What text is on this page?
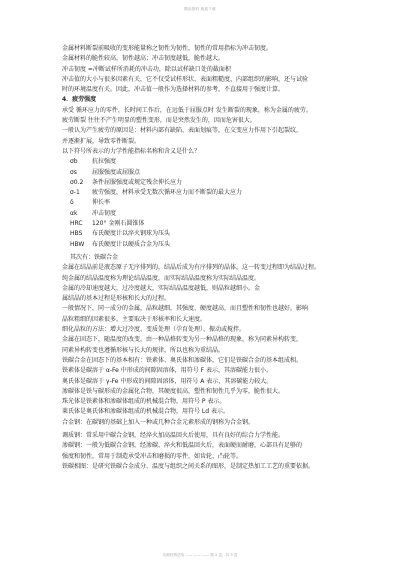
精品资料 欢迎下载
金属材料断裂前吸收的变形能量称之韧性为韧性，韧性的常用指标为冲击韧度。
金属材料的脆性较高，韧性越高；冲击韧度越低，脆性越大。
冲击韧度 =冲断试样所消耗的冲击功，除以试样缺口处的截面积
冲击值的大小与很多因素有关，它不仅受试样形状、表面粗糙度、内部组织的影响，还与试验
时的环境温度有关。因此，冲击值一般作为选择材料的参考，不直接用于强度计算。
4．疲劳强度
承受 循环应力的零件，长时间工作后，在远低于屈服点时 发生断裂的现象，称为金属的疲劳。
疲劳断裂 往往不产生明显的塑性变形，而是突然发生的，因而危害很大。
一般认为产生疲劳的原因是：材料内部有缺陷、表面划痕等，在交变应力作用下引起裂纹，
并逐渐扩展，导致零件断裂。
以下符号所表示的力学性能指标名称和含义是什么？
σb 抗拉强度
σs	屈服强度或屈服点
σ0.2 条件屈服强度或规定残余伸长应力
σ-1 疲劳强度，材料承受无数次循环应力而不断裂的最大应力
δ	伸长率
αk 冲击韧度
HRC 120° 金刚石圆锥体
HBS 布氏硬度计以淬火钢球为压头
HBW 布氏硬度计以硬质合金为压头
其次有：铁碳合金
金属在结晶前是液态原子无序排列的，结晶后成为有序排列的晶体，这一转变过程即为结晶过程。
纯金属的结晶温度称为理论结晶温度，而实际结晶温度称为实际结晶温度。
金属的冷却速度越大，过冷度越大，实际结晶温度越低，则晶粒越细小。金
属结晶的基本过程是形核和长大的过程。
一般情况下，同一成分的金属，晶粒越细，其强度、硬度越高，而且塑性和韧性也越好。影响
晶粒粗细的因素很多，主要取决于形核率和长大速度。
细化晶粒的方法：增大过冷度、变质处理（孕育处理）、振动或搅拌。
金属在固态下，随温度的改变，由一种晶格转变为另一种晶格的现象，称为同素异构转变，
同素异构转变也遵循形核与长大的规律，所以也称为重结晶。
铁碳合金在固态下的基本相有：铁素体、奥氏体和渗碳体，它们是铁碳合金的基本组成相。
铁素体是碳溶于 α-Fe 中形成的间隙固溶体，用符号 F 表示，其溶碳能力很小。
奥氏体是碳溶于 γ-Fe 中形成的间隙固溶体，用符号 A 表示，其溶碳能力较大。
渗碳体是铁与碳形成的金属化合物，其硬度很高，塑性和韧性几乎为零，脆性很大。
珠光体是铁素体和渗碳体组成的机械混合物，用符号 P 表示。
莱氏体是奥氏体和渗碳体组成的机械混合物，用符号 Ld 表示。
合金钢：在碳钢的基础上加入一种或几种合金元素形成的钢称为合金钢。
调质钢：常采用中碳合金钢，经淬火加高温回火后使用，具有良好的综合力学性能。
渗碳钢：一般为低碳合金钢，经渗碳、淬火和低温回火后，表面硬而耐磨，心部具有足够的
强度和韧性，常用于制造承受冲击和磨损的零件，如齿轮、凸轮等。
铁碳相图：是研究铁碳合金成分、温度与组织之间关系的图形，是制定热加工工艺的重要依据。
名师归纳总结 —— —— —— 第 2 页，共 3 页
